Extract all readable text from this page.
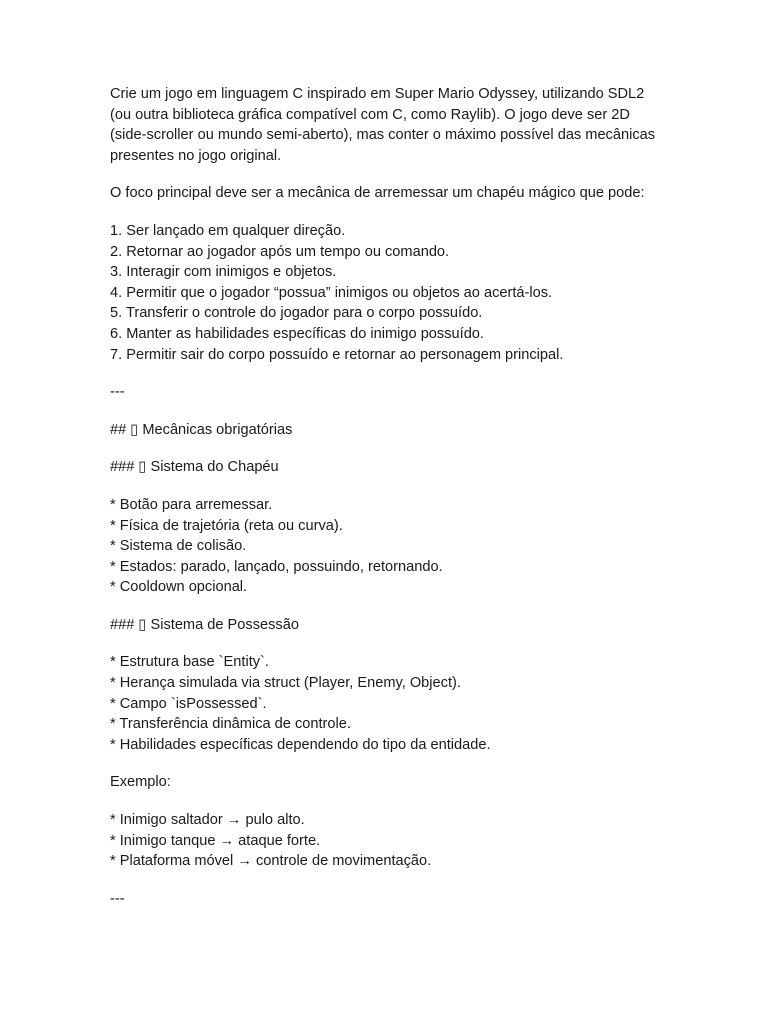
Crie um jogo em linguagem C inspirado em Super Mario Odyssey, utilizando SDL2 (ou outra biblioteca gráfica compatível com C, como Raylib). O jogo deve ser 2D (side-scroller ou mundo semi-aberto), mas conter o máximo possível das mecânicas presentes no jogo original.

O foco principal deve ser a mecânica de arremessar um chapéu mágico que pode:

1. Ser lançado em qualquer direção.
2. Retornar ao jogador após um tempo ou comando.
3. Interagir com inimigos e objetos.
4. Permitir que o jogador “possua” inimigos ou objetos ao acertá-los.
5. Transferir o controle do jogador para o corpo possuído.
6. Manter as habilidades específicas do inimigo possuído.
7. Permitir sair do corpo possuído e retornar ao personagem principal.

---

## ▯ Mecânicas obrigatórias

### ▯ Sistema do Chapéu

* Botão para arremessar.
* Física de trajetória (reta ou curva).
* Sistema de colisão.
* Estados: parado, lançado, possuindo, retornando.
* Cooldown opcional.

### ▯ Sistema de Possessão

* Estrutura base `Entity`.
* Herança simulada via struct (Player, Enemy, Object).
* Campo `isPossessed`.
* Transferência dinâmica de controle.
* Habilidades específicas dependendo do tipo da entidade.

Exemplo:

* Inimigo saltador → pulo alto.
* Inimigo tanque → ataque forte.
* Plataforma móvel → controle de movimentação.

---
